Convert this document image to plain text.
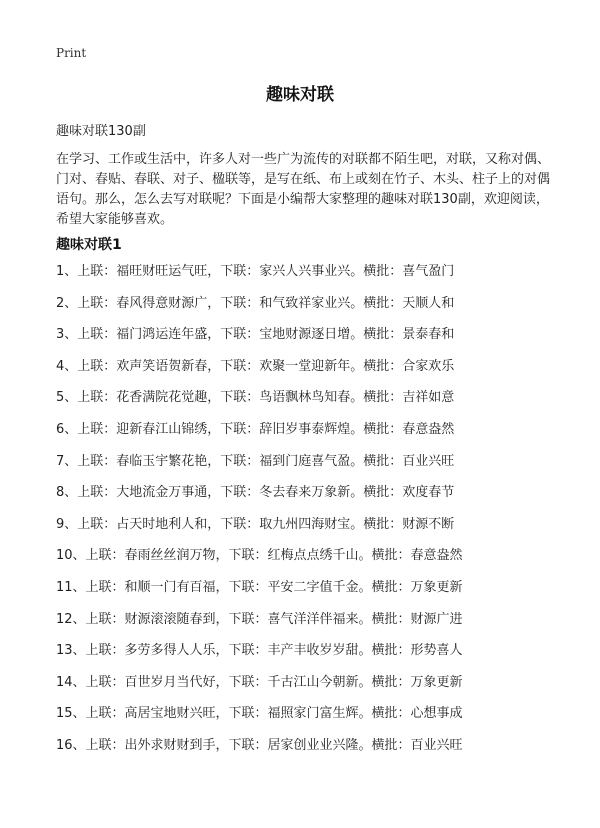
Print
趣味对联
趣味对联130副

在学习、工作或生活中，许多人对一些广为流传的对联都不陌生吧，对联，又称对偶、门对、春贴、春联、对子、楹联等，是写在纸、布上或刻在竹子、木头、柱子上的对偶语句。那么，怎么去写对联呢？下面是小编帮大家整理的趣味对联130副，欢迎阅读，希望大家能够喜欢。

趣味对联1
1、上联：福旺财旺运气旺，下联：家兴人兴事业兴。横批：喜气盈门
2、上联：春风得意财源广，下联：和气致祥家业兴。横批：天顺人和
3、上联：福门鸿运连年盛，下联：宝地财源逐日增。横批：景泰春和
4、上联：欢声笑语贺新春，下联：欢聚一堂迎新年。横批：合家欢乐
5、上联：花香满院花觉趣，下联：鸟语飘林鸟知春。横批：吉祥如意
6、上联：迎新春江山锦绣，下联：辞旧岁事泰辉煌。横批：春意盎然
7、上联：春临玉宇繁花艳，下联：福到门庭喜气盈。横批：百业兴旺
8、上联：大地流金万事通，下联：冬去春来万象新。横批：欢度春节
9、上联：占天时地利人和，下联：取九州四海财宝。横批：财源不断
10、上联：春雨丝丝润万物，下联：红梅点点绣千山。横批：春意盎然
11、上联：和顺一门有百福，下联：平安二字值千金。横批：万象更新
12、上联：财源滚滚随春到，下联：喜气洋洋伴福来。横批：财源广进
13、上联：多劳多得人人乐，下联：丰产丰收岁岁甜。横批：形势喜人
14、上联：百世岁月当代好，下联：千古江山今朝新。横批：万象更新
15、上联：高居宝地财兴旺，下联：福照家门富生辉。横批：心想事成
16、上联：出外求财财到手，下联：居家创业业兴隆。横批：百业兴旺
